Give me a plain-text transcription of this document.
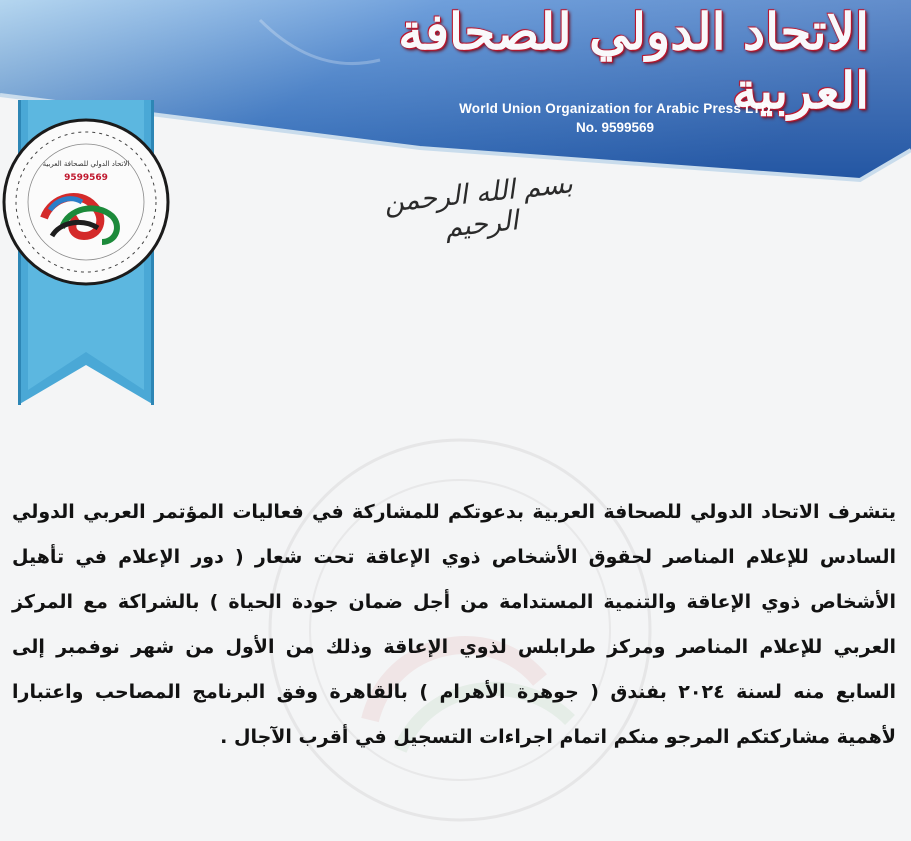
الاتحاد الدولي للصحافة العربية
World Union Organization for Arabic Press LTD
No. 9599569
الاتحاد الدولي للصحافة العربية
9599569	بسم الله الرحمن الرحيم
يتشرف الاتحاد الدولي للصحافة العربية بدعوتكم للمشاركة في فعاليات المؤتمر العربي الدولي السادس للإعلام المناصر لحقوق الأشخاص ذوي الإعاقة تحت شعار ( دور الإعلام في تأهيل الأشخاص ذوي الإعاقة والتنمية المستدامة من أجل ضمان جودة الحياة ) بالشراكة مع المركز العربي للإعلام المناصر ومركز طرابلس لذوي الإعاقة وذلك من الأول من شهر نوفمبر إلى السابع منه لسنة ٢٠٢٤ بفندق ( جوهرة الأهرام ) بالقاهرة وفق البرنامج المصاحب واعتبارا لأهمية مشاركتكم المرجو منكم اتمام اجراءات التسجيل في أقرب الآجال .
